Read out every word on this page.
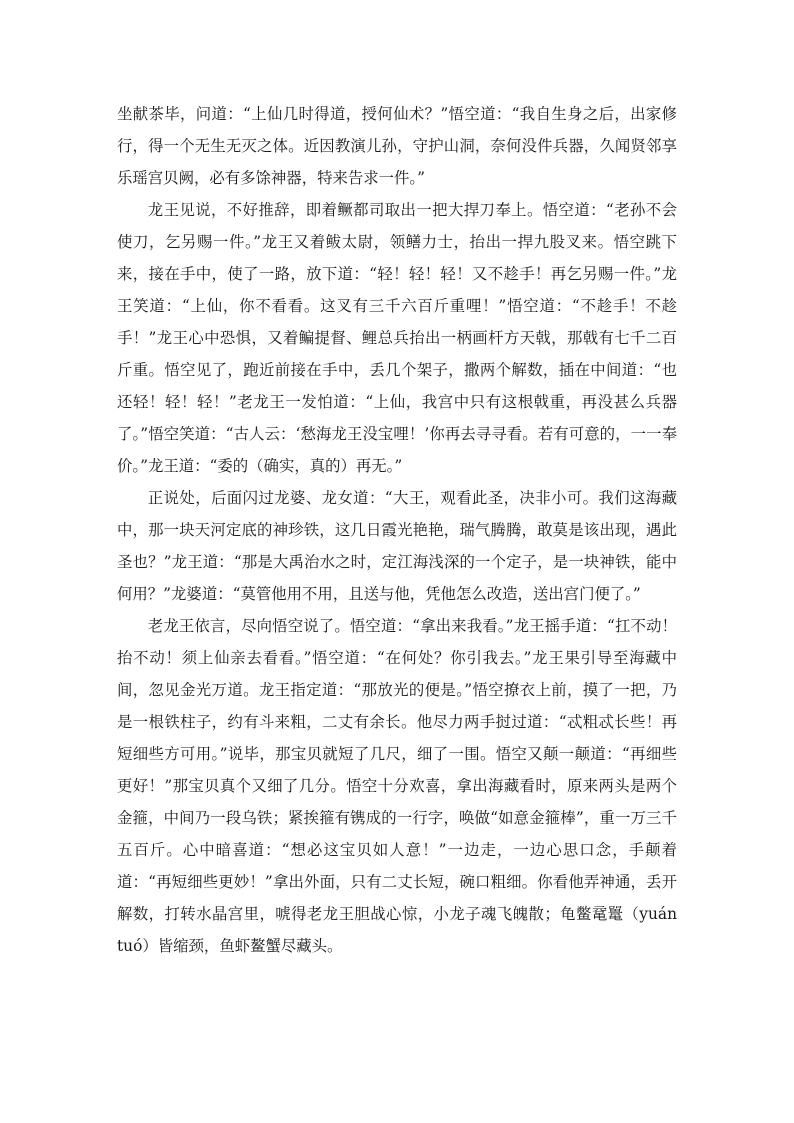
坐献茶毕，问道：“上仙几时得道，授何仙术？”悟空道：“我自生身之后，出家修行，得一个无生无灭之体。近因教演儿孙，守护山洞，奈何没件兵器，久闻贤邻享乐瑶宫贝阙，必有多馀神器，特来告求一件。”

龙王见说，不好推辞，即着鳜都司取出一把大捍刀奉上。悟空道：“老孙不会使刀，乞另赐一件。”龙王又着鲅太尉，领鳝力士，抬出一捍九股叉来。悟空跳下来，接在手中，使了一路，放下道：“轻！轻！轻！又不趁手！再乞另赐一件。”龙王笑道：“上仙，你不看看。这叉有三千六百斤重哩！”悟空道：“不趁手！不趁手！”龙王心中恐惧，又着鳊提督、鲤总兵抬出一柄画杆方天戟，那戟有七千二百斤重。悟空见了，跑近前接在手中，丢几个架子，撒两个解数，插在中间道：“也还轻！轻！轻！”老龙王一发怕道：“上仙，我宫中只有这根戟重，再没甚么兵器了。”悟空笑道：“古人云：‘愁海龙王没宝哩！’你再去寻寻看。若有可意的，一一奉价。”龙王道：“委的（确实，真的）再无。”

正说处，后面闪过龙婆、龙女道：“大王，观看此圣，决非小可。我们这海藏中，那一块天河定底的神珍铁，这几日霞光艳艳，瑞气腾腾，敢莫是该出现，遇此圣也？”龙王道：“那是大禹治水之时，定江海浅深的一个定子，是一块神铁，能中何用？”龙婆道：“莫管他用不用，且送与他，凭他怎么改造，送出宫门便了。”

老龙王依言，尽向悟空说了。悟空道：“拿出来我看。”龙王摇手道：“扛不动！抬不动！须上仙亲去看看。”悟空道：“在何处？你引我去。”龙王果引导至海藏中间，忽见金光万道。龙王指定道：“那放光的便是。”悟空撩衣上前，摸了一把，乃是一根铁柱子，约有斗来粗，二丈有余长。他尽力两手挝过道：“忒粗忒长些！再短细些方可用。”说毕，那宝贝就短了几尺，细了一围。悟空又颠一颠道：“再细些更好！”那宝贝真个又细了几分。悟空十分欢喜，拿出海藏看时，原来两头是两个金箍，中间乃一段乌铁；紧挨箍有镌成的一行字，唤做“如意金箍棒”，重一万三千五百斤。心中暗喜道：“想必这宝贝如人意！”一边走，一边心思口念，手颠着道：“再短细些更妙！”拿出外面，只有二丈长短，碗口粗细。你看他弄神通，丢开解数，打转水晶宫里，唬得老龙王胆战心惊，小龙子魂飞魄散；龟鳖鼋鼍（yuán tuó）皆缩颈，鱼虾鳌蟹尽藏头。
